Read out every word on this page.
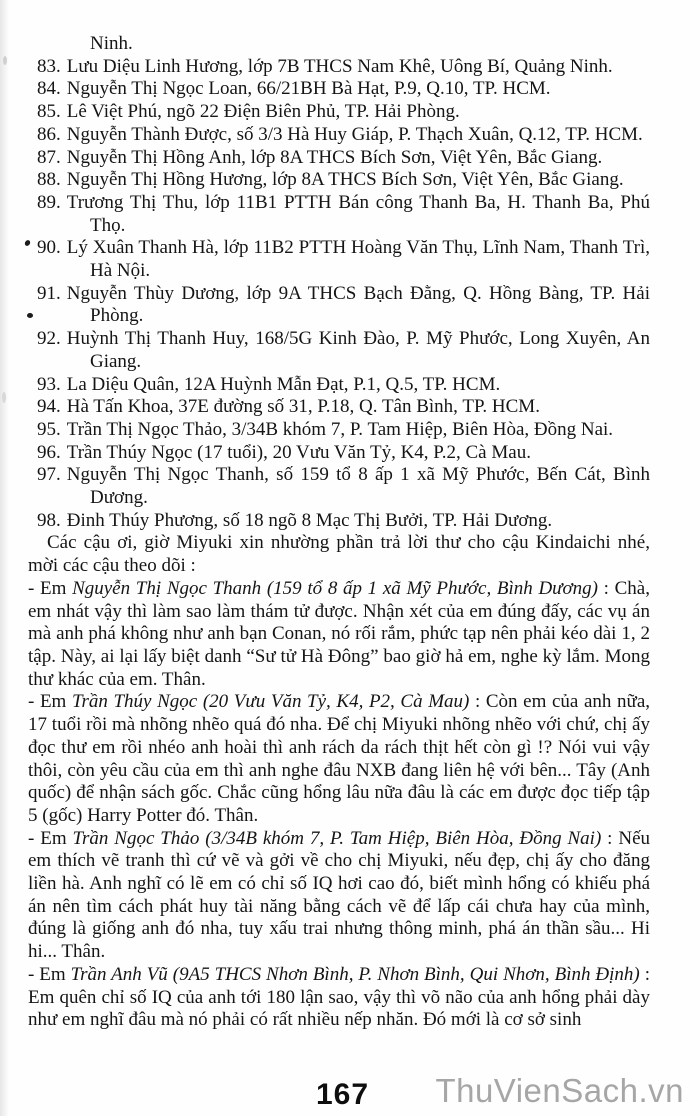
Ninh.
83. Lưu Diệu Linh Hương, lớp 7B THCS Nam Khê, Uông Bí, Quảng Ninh.
84. Nguyễn Thị Ngọc Loan, 66/21BH Bà Hạt, P.9, Q.10, TP. HCM.
85. Lê Việt Phú, ngõ 22 Điện Biên Phủ, TP. Hải Phòng.
86. Nguyễn Thành Được, số 3/3 Hà Huy Giáp, P. Thạch Xuân, Q.12, TP. HCM.
87. Nguyễn Thị Hồng Anh, lớp 8A THCS Bích Sơn, Việt Yên, Bắc Giang.
88. Nguyễn Thị Hồng Hương, lớp 8A THCS Bích Sơn, Việt Yên, Bắc Giang.
89. Trương Thị Thu, lớp 11B1 PTTH Bán công Thanh Ba, H. Thanh Ba, Phú Thọ.
90. Lý Xuân Thanh Hà, lớp 11B2 PTTH Hoàng Văn Thụ, Lĩnh Nam, Thanh Trì, Hà Nội.
91. Nguyễn Thùy Dương, lớp 9A THCS Bạch Đằng, Q. Hồng Bàng, TP. Hải Phòng.
92. Huỳnh Thị Thanh Huy, 168/5G Kinh Đào, P. Mỹ Phước, Long Xuyên, An Giang.
93. La Diệu Quân, 12A Huỳnh Mẫn Đạt, P.1, Q.5, TP. HCM.
94. Hà Tấn Khoa, 37E đường số 31, P.18, Q. Tân Bình, TP. HCM.
95. Trần Thị Ngọc Thảo, 3/34B khóm 7, P. Tam Hiệp, Biên Hòa, Đồng Nai.
96. Trần Thúy Ngọc (17 tuổi), 20 Vưu Văn Tỷ, K4, P.2, Cà Mau.
97. Nguyễn Thị Ngọc Thanh, số 159 tổ 8 ấp 1 xã Mỹ Phước, Bến Cát, Bình Dương.
98. Đinh Thúy Phương, số 18 ngõ 8 Mạc Thị Bưởi, TP. Hải Dương.

Các cậu ơi, giờ Miyuki xin nhường phần trả lời thư cho cậu Kindaichi nhé, mời các cậu theo dõi :

- Em Nguyễn Thị Ngọc Thanh (159 tổ 8 ấp 1 xã Mỹ Phước, Bình Dương) : Chà, em nhát vậy thì làm sao làm thám tử được. Nhận xét của em đúng đấy, các vụ án mà anh phá không như anh bạn Conan, nó rối rắm, phức tạp nên phải kéo dài 1, 2 tập. Này, ai lại lấy biệt danh “Sư tử Hà Đông” bao giờ hả em, nghe kỳ lắm. Mong thư khác của em. Thân.

- Em Trần Thúy Ngọc (20 Vưu Văn Tỷ, K4, P2, Cà Mau) : Còn em của anh nữa, 17 tuổi rồi mà nhõng nhẽo quá đó nha. Để chị Miyuki nhõng nhẽo với chứ, chị ấy đọc thư em rồi nhéo anh hoài thì anh rách da rách thịt hết còn gì !? Nói vui vậy thôi, còn yêu cầu của em thì anh nghe đâu NXB đang liên hệ với bên... Tây (Anh quốc) để nhận sách gốc. Chắc cũng hổng lâu nữa đâu là các em được đọc tiếp tập 5 (gốc) Harry Potter đó. Thân.

- Em Trần Ngọc Thảo (3/34B khóm 7, P. Tam Hiệp, Biên Hòa, Đồng Nai) : Nếu em thích vẽ tranh thì cứ vẽ và gởi về cho chị Miyuki, nếu đẹp, chị ấy cho đăng liền hà. Anh nghĩ có lẽ em có chỉ số IQ hơi cao đó, biết mình hổng có khiếu phá án nên tìm cách phát huy tài năng bằng cách vẽ để lấp cái chưa hay của mình, đúng là giống anh đó nha, tuy xấu trai nhưng thông minh, phá án thần sầu... Hi hi... Thân.

- Em Trần Anh Vũ (9A5 THCS Nhơn Bình, P. Nhơn Bình, Qui Nhơn, Bình Định) : Em quên chỉ số IQ của anh tới 180 lận sao, vậy thì võ não của anh hổng phải dày như em nghĩ đâu mà nó phải có rất nhiều nếp nhăn. Đó mới là cơ sở sinh

167 ThuVienSach.vn
